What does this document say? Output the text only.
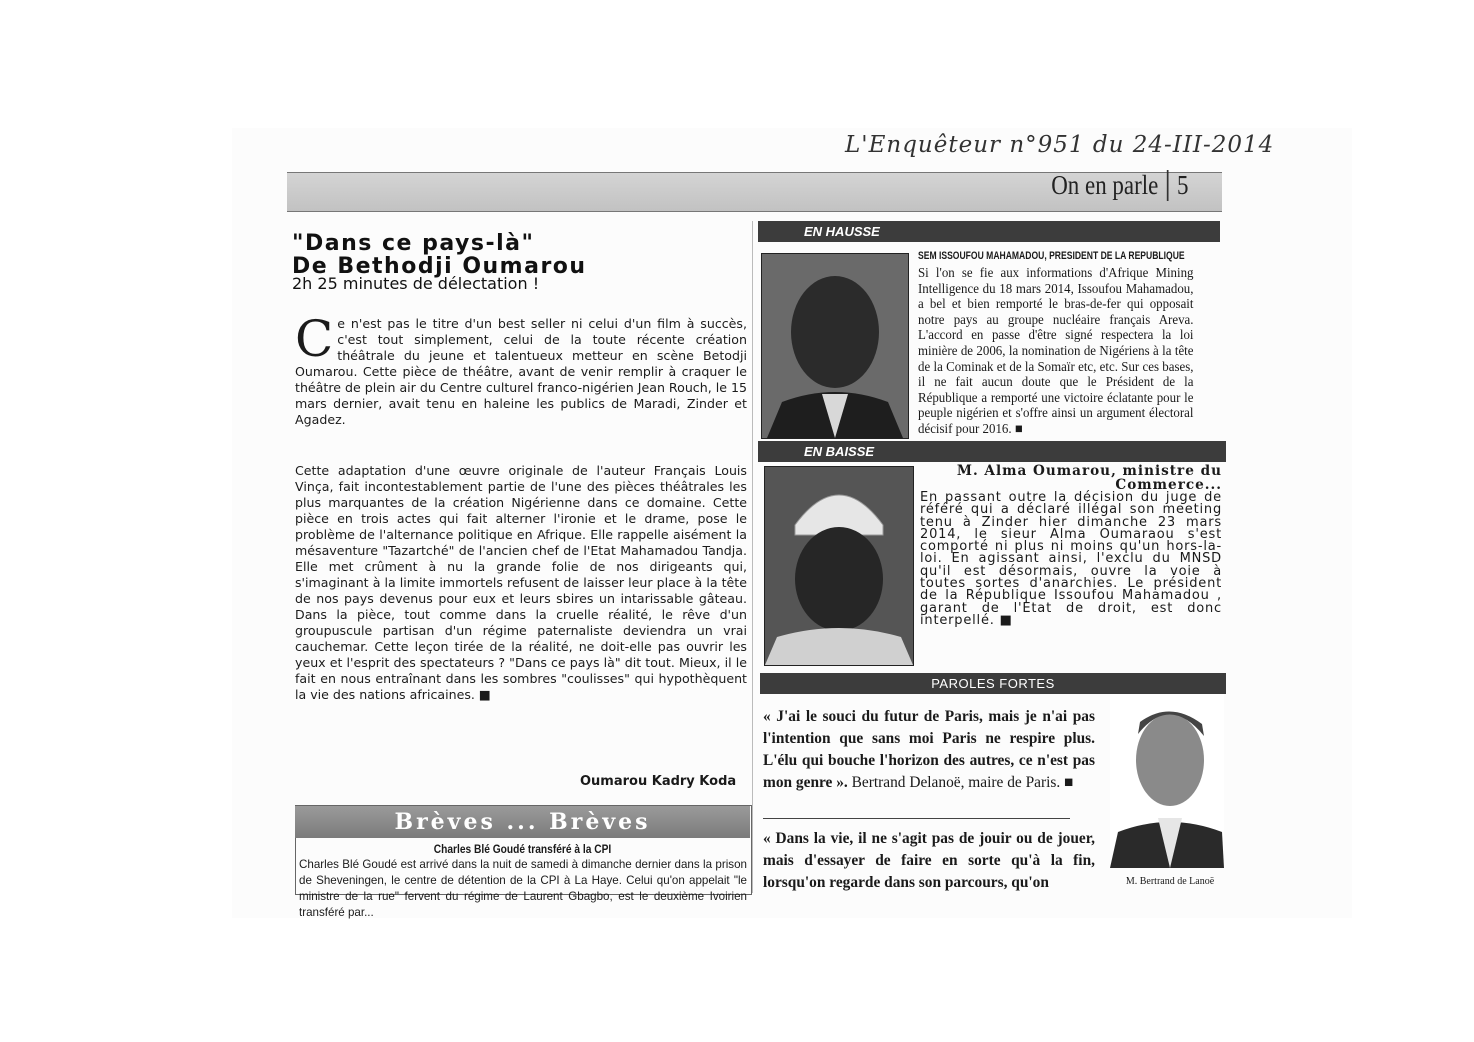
L'Enquêteur n°951 du 24-III-2014
On en parle 5
"Dans ce pays-là"
De Bethodji Oumarou
2h 25 minutes de délectation !
Ce n'est pas le titre d'un best seller ni celui d'un film à succès, c'est tout simplement, celui de la toute récente création théâtrale du jeune et talentueux metteur en scène Betodji Oumarou. Cette pièce de théâtre, avant de venir remplir à craquer le théâtre de plein air du Centre culturel franco-nigérien Jean Rouch, le 15 mars dernier, avait tenu en haleine les publics de Maradi, Zinder et Agadez.
Cette adaptation d'une œuvre originale de l'auteur Français Louis Vinça, fait incontestablement partie de l'une des pièces théâtrales les plus marquantes de la création Nigérienne dans ce domaine. Cette pièce en trois actes qui fait alterner l'ironie et le drame, pose le problème de l'alternance politique en Afrique. Elle rappelle aisément la mésaventure "Tazartché" de l'ancien chef de l'Etat Mahamadou Tandja. Elle met crûment à nu la grande folie de nos dirigeants qui, s'imaginant à la limite immortels refusent de laisser leur place à la tête de nos pays devenus pour eux et leurs sbires un intarissable gâteau. Dans la pièce, tout comme dans la cruelle réalité, le rêve d'un groupuscule partisan d'un régime paternaliste deviendra un vrai cauchemar. Cette leçon tirée de la réalité, ne doit-elle pas ouvrir les yeux et l'esprit des spectateurs ? "Dans ce pays là" dit tout. Mieux, il le fait en nous entraînant dans les sombres "coulisses" qui hypothèquent la vie des nations africaines. ■
Oumarou Kadry Koda
Brèves ... Brèves
Charles Blé Goudé transféré à la CPI
Charles Blé Goudé est arrivé dans la nuit de samedi à dimanche dernier dans la prison de Sheveningen, le centre de détention de la CPI à La Haye. Celui qu'on appelait "le ministre de la rue" fervent du régime de Laurent Gbagbo, est le deuxième Ivoirien transféré par...
EN HAUSSE
SEM ISSOUFOU MAHAMADOU, PRESIDENT DE LA REPUBLIQUE
Si l'on se fie aux informations d'Afrique Mining Intelligence du 18 mars 2014, Issoufou Mahamadou, a bel et bien remporté le bras-de-fer qui opposait notre pays au groupe nucléaire français Areva. L'accord en passe d'être signé respectera la loi minière de 2006, la nomination de Nigériens à la tête de la Cominak et de la Somaïr etc, etc. Sur ces bases, il ne fait aucun doute que le Président de la République a remporté une victoire éclatante pour le peuple nigérien et s'offre ainsi un argument électoral décisif pour 2016. ■
EN BAISSE
M. Alma Oumarou, ministre du Commerce...
En passant outre la décision du juge de référé qui a déclaré illégal son meeting tenu à Zinder hier dimanche 23 mars 2014, le sieur Alma Oumaraou s'est comporté ni plus ni moins qu'un hors-la-loi. En agissant ainsi, l'exclu du MNSD qu'il est désormais, ouvre la voie à toutes sortes d'anarchies. Le président de la République Issoufou Mahamadou , garant de l'Etat de droit, est donc interpellé. ■
PAROLES FORTES
« J'ai le souci du futur de Paris, mais je n'ai pas l'intention que sans moi Paris ne respire plus. L'élu qui bouche l'horizon des autres, ce n'est pas mon genre ». Bertrand Delanoë, maire de Paris. ■
« Dans la vie, il ne s'agit pas de jouir ou de jouer, mais d'essayer de faire en sorte qu'à la fin, lorsqu'on regarde dans son parcours, qu'on	M. Bertrand de Lanoë
